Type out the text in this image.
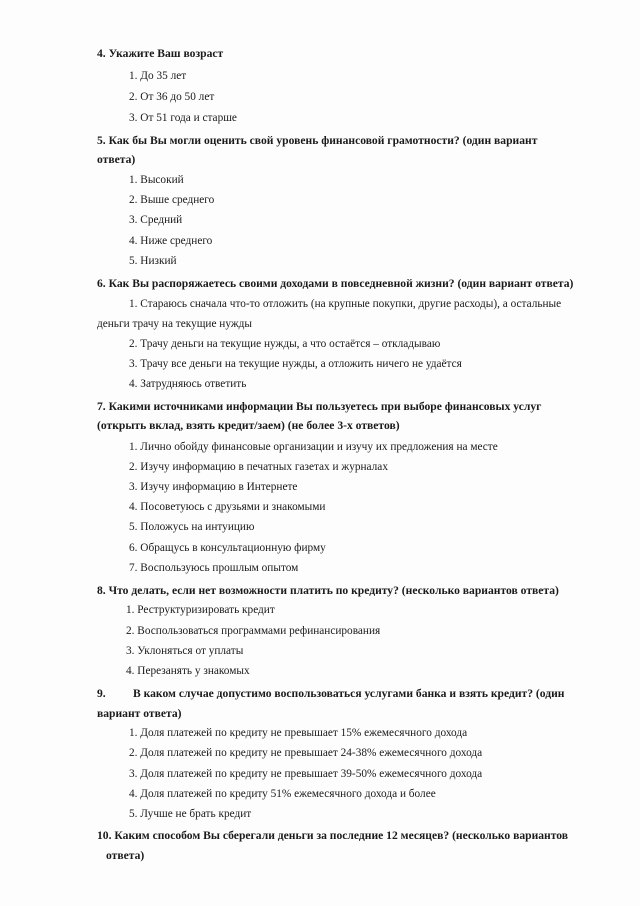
4. Укажите Ваш возраст
1. До 35 лет
2. От 36 до 50 лет
3. От 51 года и старше
5. Как бы Вы могли оценить свой уровень финансовой грамотности? (один вариант
ответа)
1. Высокий
2. Выше среднего
3. Средний
4. Ниже среднего
5. Низкий
6. Как Вы распоряжаетесь своими доходами в повседневной жизни? (один вариант ответа)
1. Стараюсь сначала что-то отложить (на крупные покупки, другие расходы), а остальные
деньги трачу на текущие нужды
2. Трачу деньги на текущие нужды, а что остаётся – откладываю
3. Трачу все деньги на текущие нужды, а отложить ничего не удаётся
4. Затрудняюсь ответить
7. Какими источниками информации Вы пользуетесь при выборе финансовых услуг
(открыть вклад, взять кредит/заем) (не более 3-х ответов)
1. Лично обойду финансовые организации и изучу их предложения на месте
2. Изучу информацию в печатных газетах и журналах
3. Изучу информацию в Интернете
4. Посоветуюсь с друзьями и знакомыми
5. Положусь на интуицию
6. Обращусь в консультационную фирму
7. Воспользуюсь прошлым опытом
8. Что делать, если нет возможности платить по кредиту? (несколько вариантов ответа)
1. Реструктуризировать кредит
2. Воспользоваться программами рефинансирования
3. Уклоняться от уплаты
4. Перезанять у знакомых
9. В каком случае допустимо воспользоваться услугами банка и взять кредит? (один
вариант ответа)
1. Доля платежей по кредиту не превышает 15% ежемесячного дохода
2. Доля платежей по кредиту не превышает 24-38% ежемесячного дохода
3. Доля платежей по кредиту не превышает 39-50% ежемесячного дохода
4. Доля платежей по кредиту 51% ежемесячного дохода и более
5. Лучше не брать кредит
10. Каким способом Вы сберегали деньги за последние 12 месяцев? (несколько вариантов
ответа)
